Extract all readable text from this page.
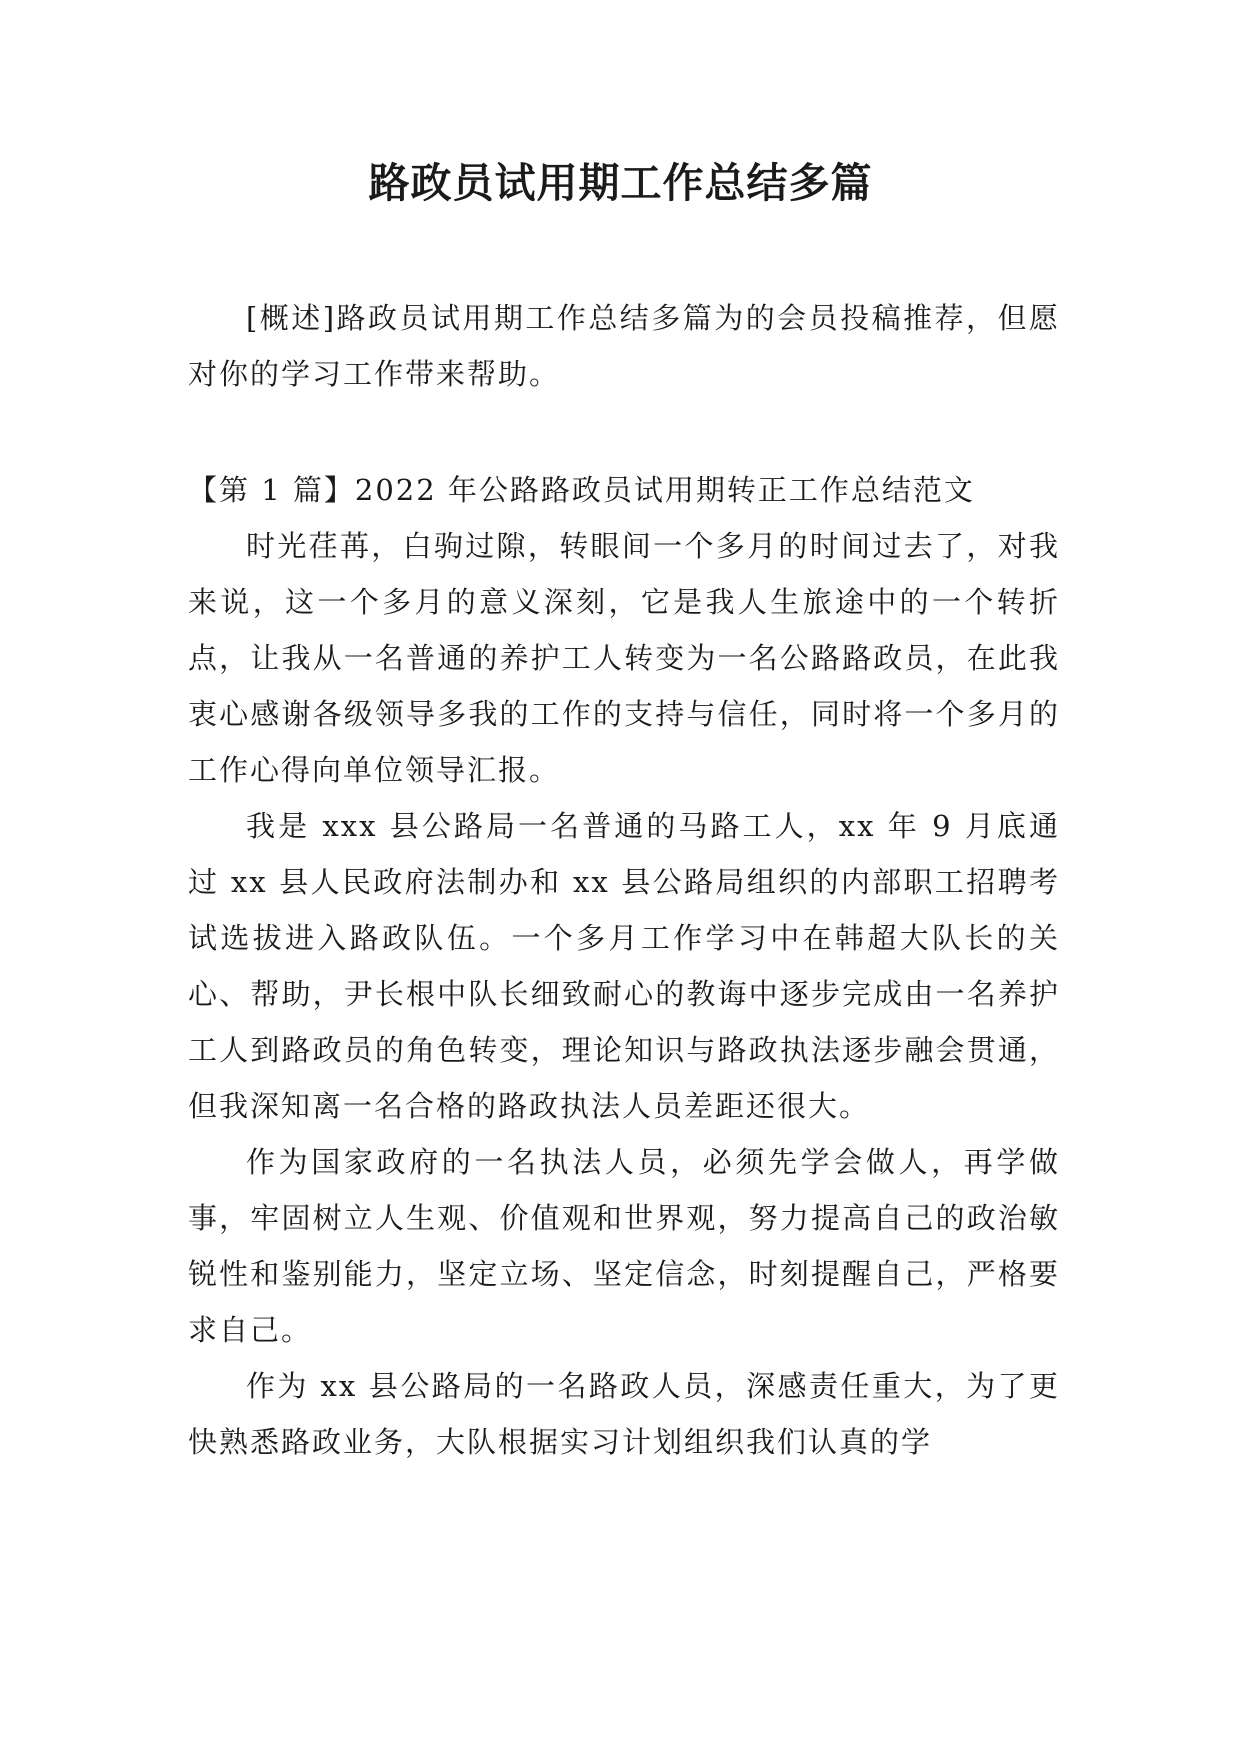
路政员试用期工作总结多篇

[概述]路政员试用期工作总结多篇为的会员投稿推荐，但愿对你的学习工作带来帮助。

【第 1 篇】2022 年公路路政员试用期转正工作总结范文

时光荏苒，白驹过隙，转眼间一个多月的时间过去了，对我来说，这一个多月的意义深刻，它是我人生旅途中的一个转折点，让我从一名普通的养护工人转变为一名公路路政员，在此我衷心感谢各级领导多我的工作的支持与信任，同时将一个多月的工作心得向单位领导汇报。

我是 xxx 县公路局一名普通的马路工人，xx 年 9 月底通过 xx 县人民政府法制办和 xx 县公路局组织的内部职工招聘考试选拔进入路政队伍。一个多月工作学习中在韩超大队长的关心、帮助，尹长根中队长细致耐心的教诲中逐步完成由一名养护工人到路政员的角色转变，理论知识与路政执法逐步融会贯通，但我深知离一名合格的路政执法人员差距还很大。

作为国家政府的一名执法人员，必须先学会做人，再学做事，牢固树立人生观、价值观和世界观，努力提高自己的政治敏锐性和鉴别能力，坚定立场、坚定信念，时刻提醒自己，严格要求自己。

作为 xx 县公路局的一名路政人员，深感责任重大，为了更快熟悉路政业务，大队根据实习计划组织我们认真的学
